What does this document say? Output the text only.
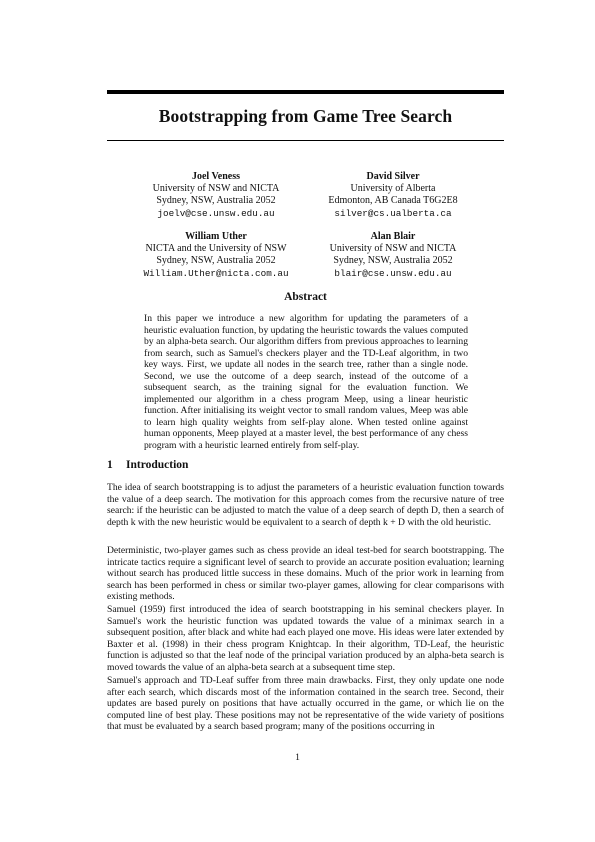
Bootstrapping from Game Tree Search
Joel Veness
University of NSW and NICTA
Sydney, NSW, Australia 2052
joelv@cse.unsw.edu.au
David Silver
University of Alberta
Edmonton, AB Canada T6G2E8
silver@cs.ualberta.ca
William Uther
NICTA and the University of NSW
Sydney, NSW, Australia 2052
William.Uther@nicta.com.au
Alan Blair
University of NSW and NICTA
Sydney, NSW, Australia 2052
blair@cse.unsw.edu.au
Abstract

In this paper we introduce a new algorithm for updating the parameters of a heuristic evaluation function, by updating the heuristic towards the values computed by an alpha-beta search. Our algorithm differs from previous approaches to learning from search, such as Samuel's checkers player and the TD-Leaf algorithm, in two key ways. First, we update all nodes in the search tree, rather than a single node. Second, we use the outcome of a deep search, instead of the outcome of a subsequent search, as the training signal for the evaluation function. We implemented our algorithm in a chess program Meep, using a linear heuristic function. After initialising its weight vector to small random values, Meep was able to learn high quality weights from self-play alone. When tested online against human opponents, Meep played at a master level, the best performance of any chess program with a heuristic learned entirely from self-play.

1 Introduction

The idea of search bootstrapping is to adjust the parameters of a heuristic evaluation function towards the value of a deep search. The motivation for this approach comes from the recursive nature of tree search: if the heuristic can be adjusted to match the value of a deep search of depth D, then a search of depth k with the new heuristic would be equivalent to a search of depth k + D with the old heuristic.

Deterministic, two-player games such as chess provide an ideal test-bed for search bootstrapping. The intricate tactics require a significant level of search to provide an accurate position evaluation; learning without search has produced little success in these domains. Much of the prior work in learning from search has been performed in chess or similar two-player games, allowing for clear comparisons with existing methods.

Samuel (1959) first introduced the idea of search bootstrapping in his seminal checkers player. In Samuel's work the heuristic function was updated towards the value of a minimax search in a subsequent position, after black and white had each played one move. His ideas were later extended by Baxter et al. (1998) in their chess program Knightcap. In their algorithm, TD-Leaf, the heuristic function is adjusted so that the leaf node of the principal variation produced by an alpha-beta search is moved towards the value of an alpha-beta search at a subsequent time step.

Samuel's approach and TD-Leaf suffer from three main drawbacks. First, they only update one node after each search, which discards most of the information contained in the search tree. Second, their updates are based purely on positions that have actually occurred in the game, or which lie on the computed line of best play. These positions may not be representative of the wide variety of positions that must be evaluated by a search based program; many of the positions occurring in

1
